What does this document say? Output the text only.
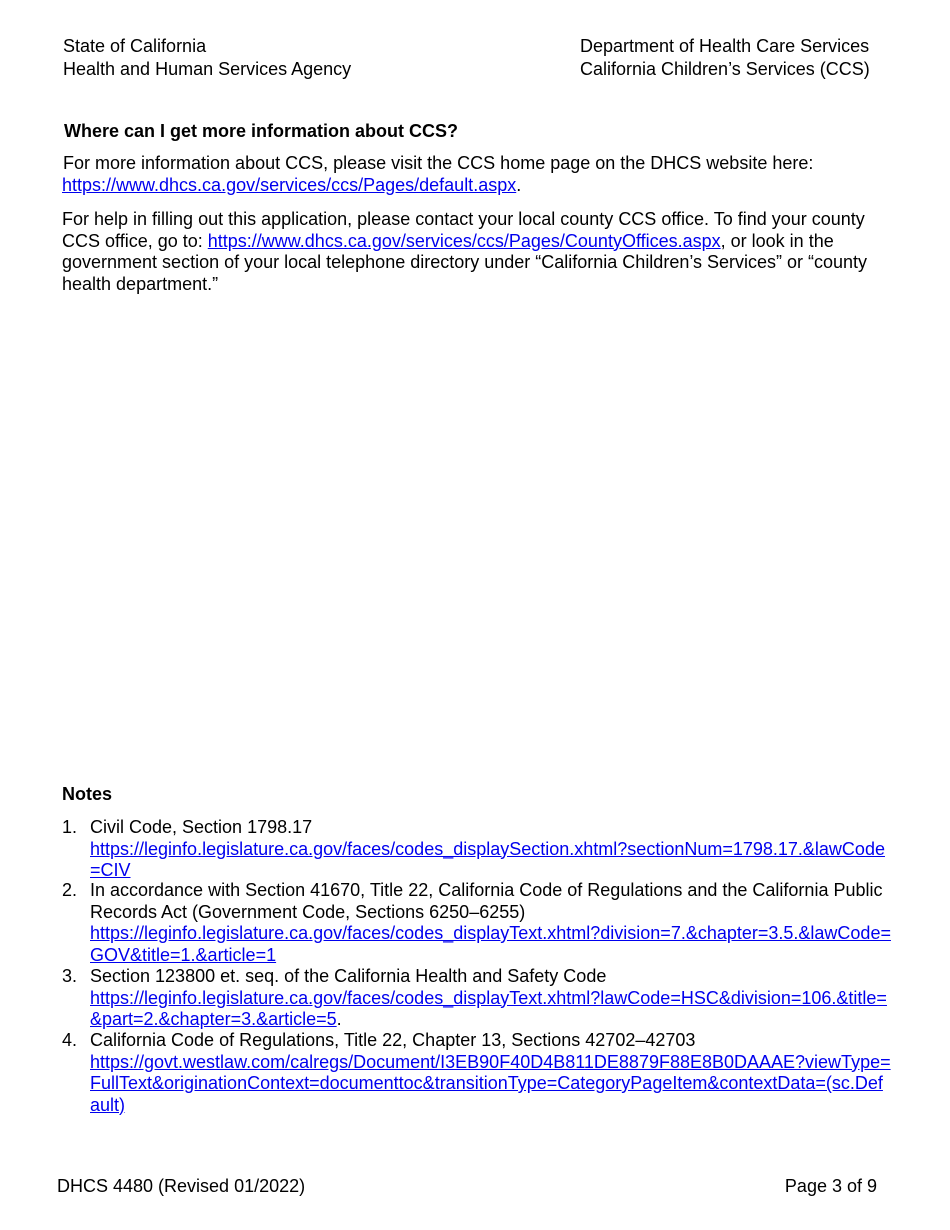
State of California
Health and Human Services Agency
Department of Health Care Services
California Children’s Services (CCS)
Where can I get more information about CCS?
For more information about CCS, please visit the CCS home page on the DHCS website here:
https://www.dhcs.ca.gov/services/ccs/Pages/default.aspx.
For help in filling out this application, please contact your local county CCS office. To find your county CCS office, go to: https://www.dhcs.ca.gov/services/ccs/Pages/CountyOffices.aspx, or look in the government section of your local telephone directory under “California Children’s Services” or “county health department.”
Notes
1. Civil Code, Section 1798.17
https://leginfo.legislature.ca.gov/faces/codes_displaySection.xhtml?sectionNum=1798.17.&lawCode=CIV
2. In accordance with Section 41670, Title 22, California Code of Regulations and the California Public Records Act (Government Code, Sections 6250–6255)
https://leginfo.legislature.ca.gov/faces/codes_displayText.xhtml?division=7.&chapter=3.5.&lawCode=GOV&title=1.&article=1
3. Section 123800 et. seq. of the California Health and Safety Code
https://leginfo.legislature.ca.gov/faces/codes_displayText.xhtml?lawCode=HSC&division=106.&title=&part=2.&chapter=3.&article=5.
4. California Code of Regulations, Title 22, Chapter 13, Sections 42702–42703
https://govt.westlaw.com/calregs/Document/I3EB90F40D4B811DE8879F88E8B0DAAAE?viewType=FullText&originationContext=documenttoc&transitionType=CategoryPageItem&contextData=(sc.Default)
DHCS 4480 (Revised 01/2022)	Page 3 of 9
